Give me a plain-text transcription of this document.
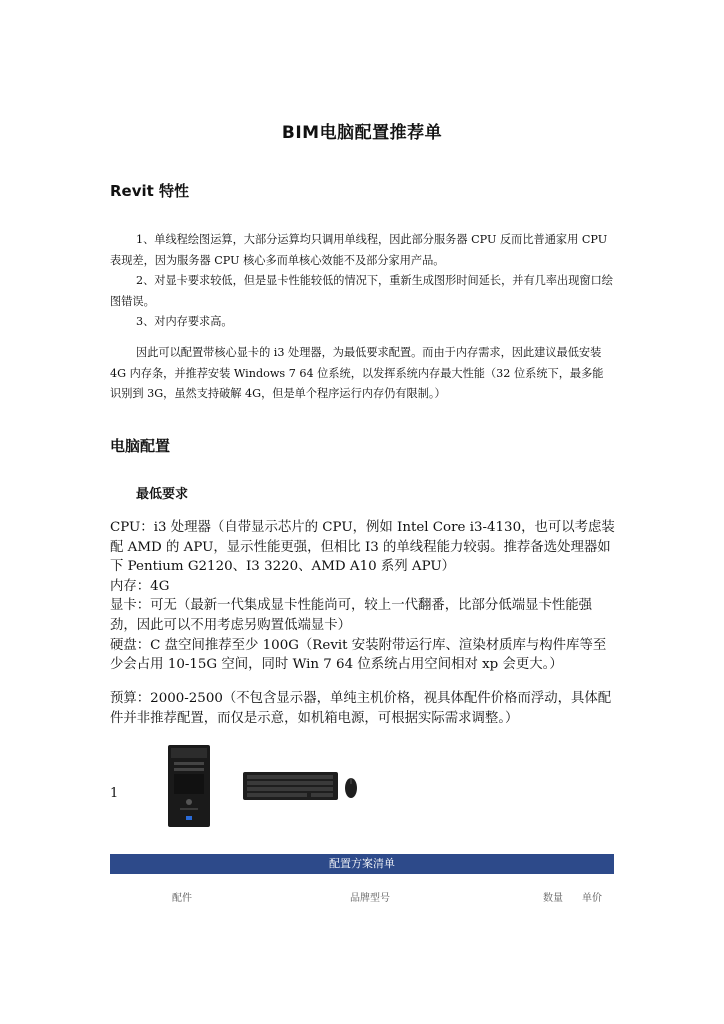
BIM电脑配置推荐单
Revit 特性

1、单线程绘图运算，大部分运算均只调用单线程，因此部分服务器 CPU 反而比普通家用 CPU 表现差，因为服务器 CPU 核心多而单核心效能不及部分家用产品。

2、对显卡要求较低，但是显卡性能较低的情况下，重新生成图形时间延长，并有几率出现窗口绘图错误。

3、对内存要求高。

因此可以配置带核心显卡的 i3 处理器，为最低要求配置。而由于内存需求，因此建议最低安装 4G 内存条，并推荐安装 Windows 7 64 位系统，以发挥系统内存最大性能（32 位系统下，最多能识别到 3G，虽然支持破解 4G，但是单个程序运行内存仍有限制。）

电脑配置
最低要求

CPU：i3 处理器（自带显示芯片的 CPU，例如 Intel Core i3-4130，也可以考虑装配 AMD 的 APU，显示性能更强，但相比 I3 的单线程能力较弱。推荐备选处理器如下 Pentium G2120、I3 3220、AMD A10 系列 APU）

内存：4G

显卡：可无（最新一代集成显卡性能尚可，较上一代翻番，比部分低端显卡性能强劲，因此可以不用考虑另购置低端显卡）

硬盘：C 盘空间推荐至少 100G（Revit 安装附带运行库、渲染材质库与构件库等至少会占用 10-15G 空间，同时 Win 7 64 位系统占用空间相对 xp 会更大。）

预算：2000-2500（不包含显示器，单纯主机价格，视具体配件价格而浮动，具体配件并非推荐配置，而仅是示意，如机箱电源，可根据实际需求调整。）

1
配置方案清单
配件	品牌型号	数量 单价
